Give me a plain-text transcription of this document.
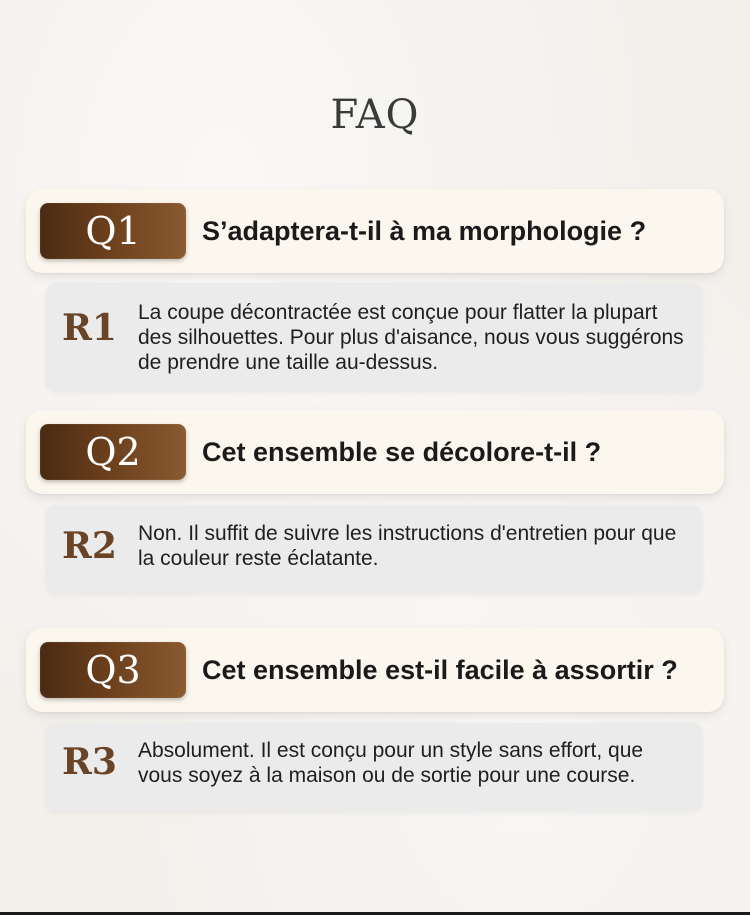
FAQ
Q1	S’adaptera-t-il à ma morphologie ?
R1 La coupe décontractée est conçue pour flatter la plupart des silhouettes. Pour plus d'aisance, nous vous suggérons de prendre une taille au-dessus.
Q2	Cet ensemble se décolore-t-il ?
R2 Non. Il suffit de suivre les instructions d'entretien pour que la couleur reste éclatante.
Q3	Cet ensemble est-il facile à assortir ?
R3 Absolument. Il est conçu pour un style sans effort, que vous soyez à la maison ou de sortie pour une course.
